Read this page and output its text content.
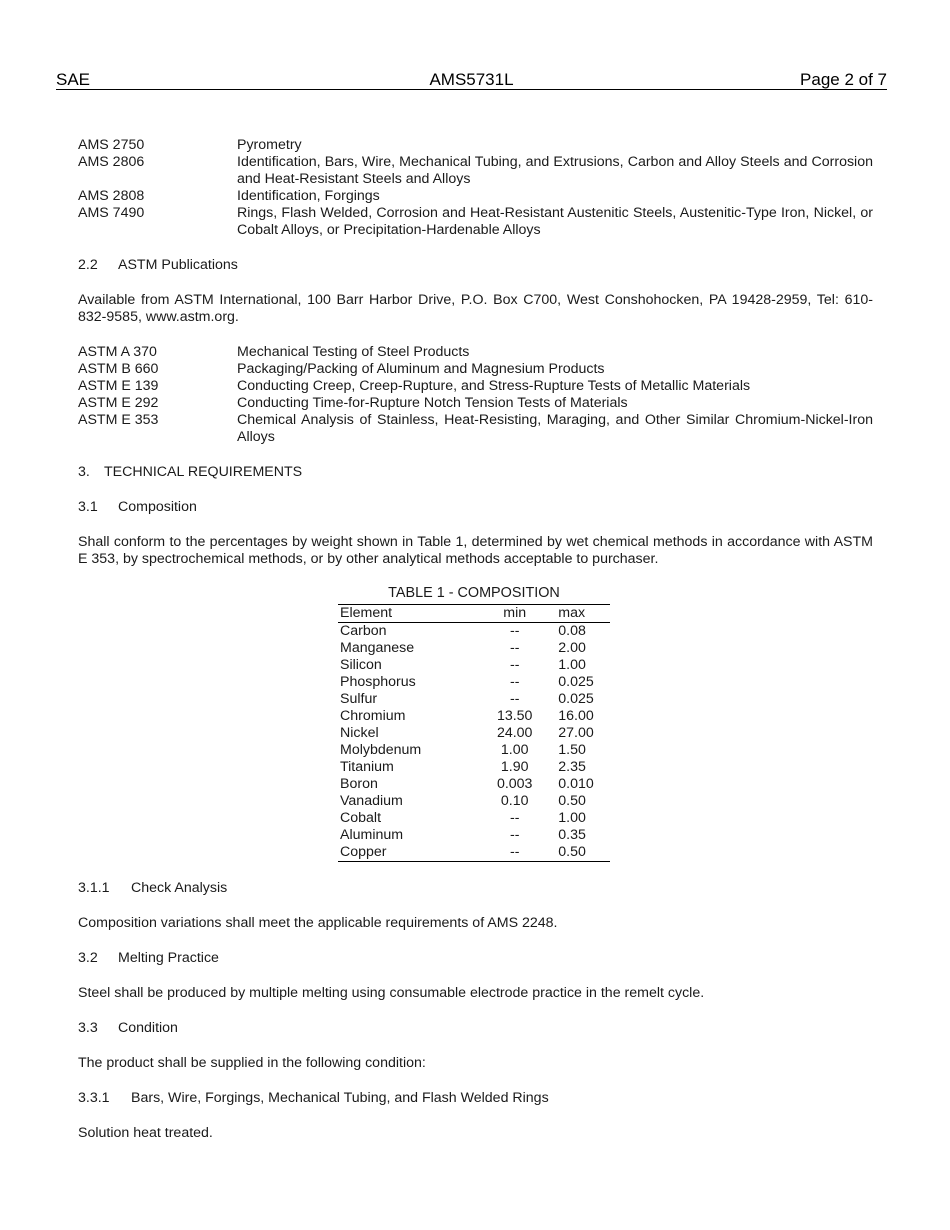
SAE	AMS5731L	Page 2 of 7
AMS 2750	Pyrometry
AMS 2806	Identification, Bars, Wire, Mechanical Tubing, and Extrusions, Carbon and Alloy Steels and Corrosion and Heat-Resistant Steels and Alloys
AMS 2808	Identification, Forgings
AMS 7490	Rings, Flash Welded, Corrosion and Heat-Resistant Austenitic Steels, Austenitic-Type Iron, Nickel, or Cobalt Alloys, or Precipitation-Hardenable Alloys
2.2 ASTM Publications
Available from ASTM International, 100 Barr Harbor Drive, P.O. Box C700, West Conshohocken, PA 19428-2959, Tel: 610-832-9585, www.astm.org.
ASTM A 370	Mechanical Testing of Steel Products
ASTM B 660	Packaging/Packing of Aluminum and Magnesium Products
ASTM E 139	Conducting Creep, Creep-Rupture, and Stress-Rupture Tests of Metallic Materials
ASTM E 292	Conducting Time-for-Rupture Notch Tension Tests of Materials
ASTM E 353	Chemical Analysis of Stainless, Heat-Resisting, Maraging, and Other Similar Chromium-Nickel-Iron Alloys
3. TECHNICAL REQUIREMENTS
3.1 Composition
Shall conform to the percentages by weight shown in Table 1, determined by wet chemical methods in accordance with ASTM E 353, by spectrochemical methods, or by other analytical methods acceptable to purchaser.
TABLE 1 - COMPOSITION
Element	min	max
Carbon	--	0.08
Manganese	--	2.00
Silicon	--	1.00
Phosphorus	--	0.025
Sulfur	--	0.025
Chromium	13.50	16.00
Nickel	24.00	27.00
Molybdenum	1.00	1.50
Titanium	1.90	2.35
Boron	0.003	0.010
Vanadium	0.10	0.50
Cobalt	--	1.00
Aluminum	--	0.35
Copper	--	0.50
3.1.1 Check Analysis
Composition variations shall meet the applicable requirements of AMS 2248.
3.2 Melting Practice
Steel shall be produced by multiple melting using consumable electrode practice in the remelt cycle.
3.3 Condition
The product shall be supplied in the following condition:
3.3.1 Bars, Wire, Forgings, Mechanical Tubing, and Flash Welded Rings
Solution heat treated.
